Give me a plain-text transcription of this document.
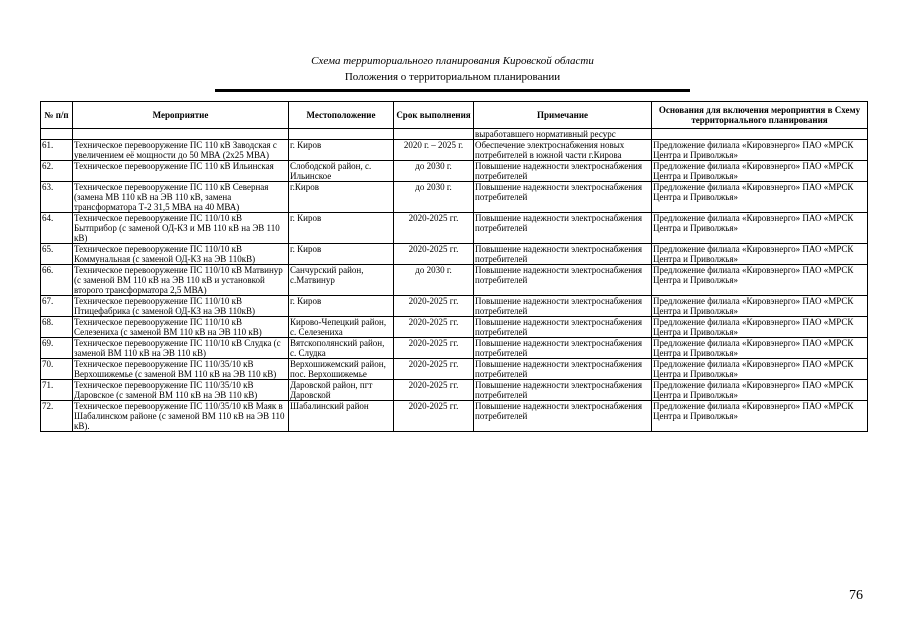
Схема территориального планирования Кировской области
Положения о территориальном планировании
№ п/п	Мероприятие	Местоположение	Срок выполнения	Примечание	Основания для включения мероприятия в Схему территориального планирования
				выработавшего нормативный ресурс	
61.	Техническое перевооружение ПС 110 кВ Заводская с увеличением её мощности до 50 МВА (2х25 МВА)	г. Киров	2020 г. – 2025 г.	Обеспечение электроснабжения новых потребителей в южной части г.Кирова	Предложение филиала «Кировэнерго» ПАО «МРСК Центра и Приволжья»
62.	Техническое перевооружение ПС 110 кВ Ильинская	Слободской район, с. Ильинское	до 2030 г.	Повышение надежности электроснабжения потребителей	Предложение филиала «Кировэнерго» ПАО «МРСК Центра и Приволжья»
63.	Техническое перевооружение ПС 110 кВ Северная (замена МВ 110 кВ на ЭВ 110 кВ, замена трансформатора Т-2 31,5 МВА на 40 МВА)	г.Киров	до 2030 г.	Повышение надежности электроснабжения потребителей	Предложение филиала «Кировэнерго» ПАО «МРСК Центра и Приволжья»
64.	Техническое перевооружение ПС 110/10 кВ Бытприбор (с заменой ОД-КЗ и МВ 110 кВ на ЭВ 110 кВ)	г. Киров	2020-2025 гг.	Повышение надежности электроснабжения потребителей	Предложение филиала «Кировэнерго» ПАО «МРСК Центра и Приволжья»
65.	Техническое перевооружение ПС 110/10 кВ Коммунальная (с заменой ОД-КЗ на ЭВ 110кВ)	г. Киров	2020-2025 гг.	Повышение надежности электроснабжения потребителей	Предложение филиала «Кировэнерго» ПАО «МРСК Центра и Приволжья»
66.	Техническое перевооружение ПС 110/10 кВ Матвинур (с заменой ВМ 110 кВ на ЭВ 110 кВ и установкой второго трансформатора 2,5 МВА)	Санчурский район, с.Матвинур	до 2030 г.	Повышение надежности электроснабжения потребителей	Предложение филиала «Кировэнерго» ПАО «МРСК Центра и Приволжья»
67.	Техническое перевооружение ПС 110/10 кВ Птицефабрика (с заменой ОД-КЗ на ЭВ 110кВ)	г. Киров	2020-2025 гг.	Повышение надежности электроснабжения потребителей	Предложение филиала «Кировэнерго» ПАО «МРСК Центра и Приволжья»
68.	Техническое перевооружение ПС 110/10 кВ Селезениха (с заменой ВМ 110 кВ на ЭВ 110 кВ)	Кирово-Чепецкий район, с. Селезениха	2020-2025 гг.	Повышение надежности электроснабжения потребителей	Предложение филиала «Кировэнерго» ПАО «МРСК Центра и Приволжья»
69.	Техническое перевооружение ПС 110/10 кВ Слудка (с заменой ВМ 110 кВ на ЭВ 110 кВ)	Вятскополянский район, с. Слудка	2020-2025 гг.	Повышение надежности электроснабжения потребителей	Предложение филиала «Кировэнерго» ПАО «МРСК Центра и Приволжья»
70.	Техническое перевооружение ПС 110/35/10 кВ Верхошижемье (с заменой ВМ 110 кВ на ЭВ 110 кВ)	Верхошижемский район, пос. Верхошижемье	2020-2025 гг.	Повышение надежности электроснабжения потребителей	Предложение филиала «Кировэнерго» ПАО «МРСК Центра и Приволжья»
71.	Техническое перевооружение ПС 110/35/10 кВ Даровское (с заменой ВМ 110 кВ на ЭВ 110 кВ)	Даровской район, пгт Даровской	2020-2025 гг.	Повышение надежности электроснабжения потребителей	Предложение филиала «Кировэнерго» ПАО «МРСК Центра и Приволжья»
72.	Техническое перевооружение ПС 110/35/10 кВ Маяк в Шабалинском районе (с заменой ВМ 110 кВ на ЭВ 110 кВ).	Шабалинский район	2020-2025 гг.	Повышение надежности электроснабжения потребителей	Предложение филиала «Кировэнерго» ПАО «МРСК Центра и Приволжья»
76
